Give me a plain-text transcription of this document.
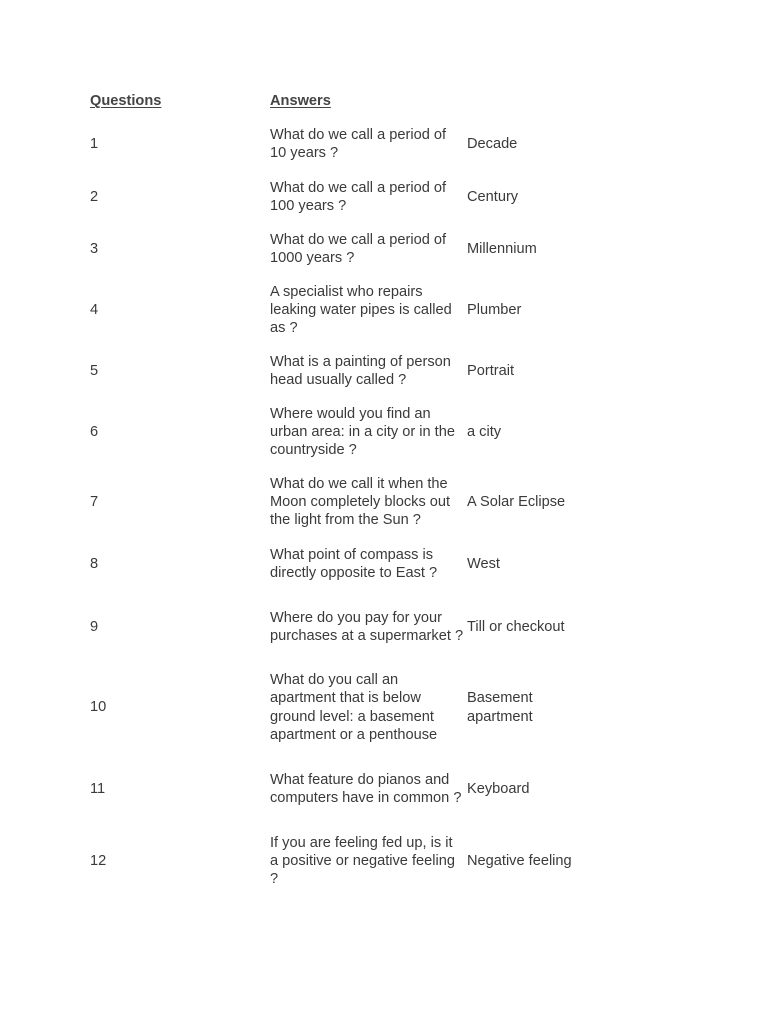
Questions	Answers
1
What do we call a period of 10 years ?
Decade
2
What do we call a period of 100 years ?
Century
3
What do we call a period of 1000 years ?
Millennium
4
A specialist who repairs leaking water pipes is called as ?
Plumber
5
What is a painting of person head usually called ?
Portrait
6
Where would you find an urban area: in a city or in the countryside ?
a city
7
What do we call it when the Moon completely blocks out the light from the Sun ?
A Solar Eclipse
8
What point of compass is directly opposite to East ?
West
9
Where do you pay for your purchases at a supermarket ?
Till or checkout
10
What do you call an apartment that is below ground level: a basement apartment or a penthouse
Basement apartment
11
What feature do pianos and computers have in common ?
Keyboard
12
If you are feeling fed up, is it a positive or negative feeling ?
Negative feeling
